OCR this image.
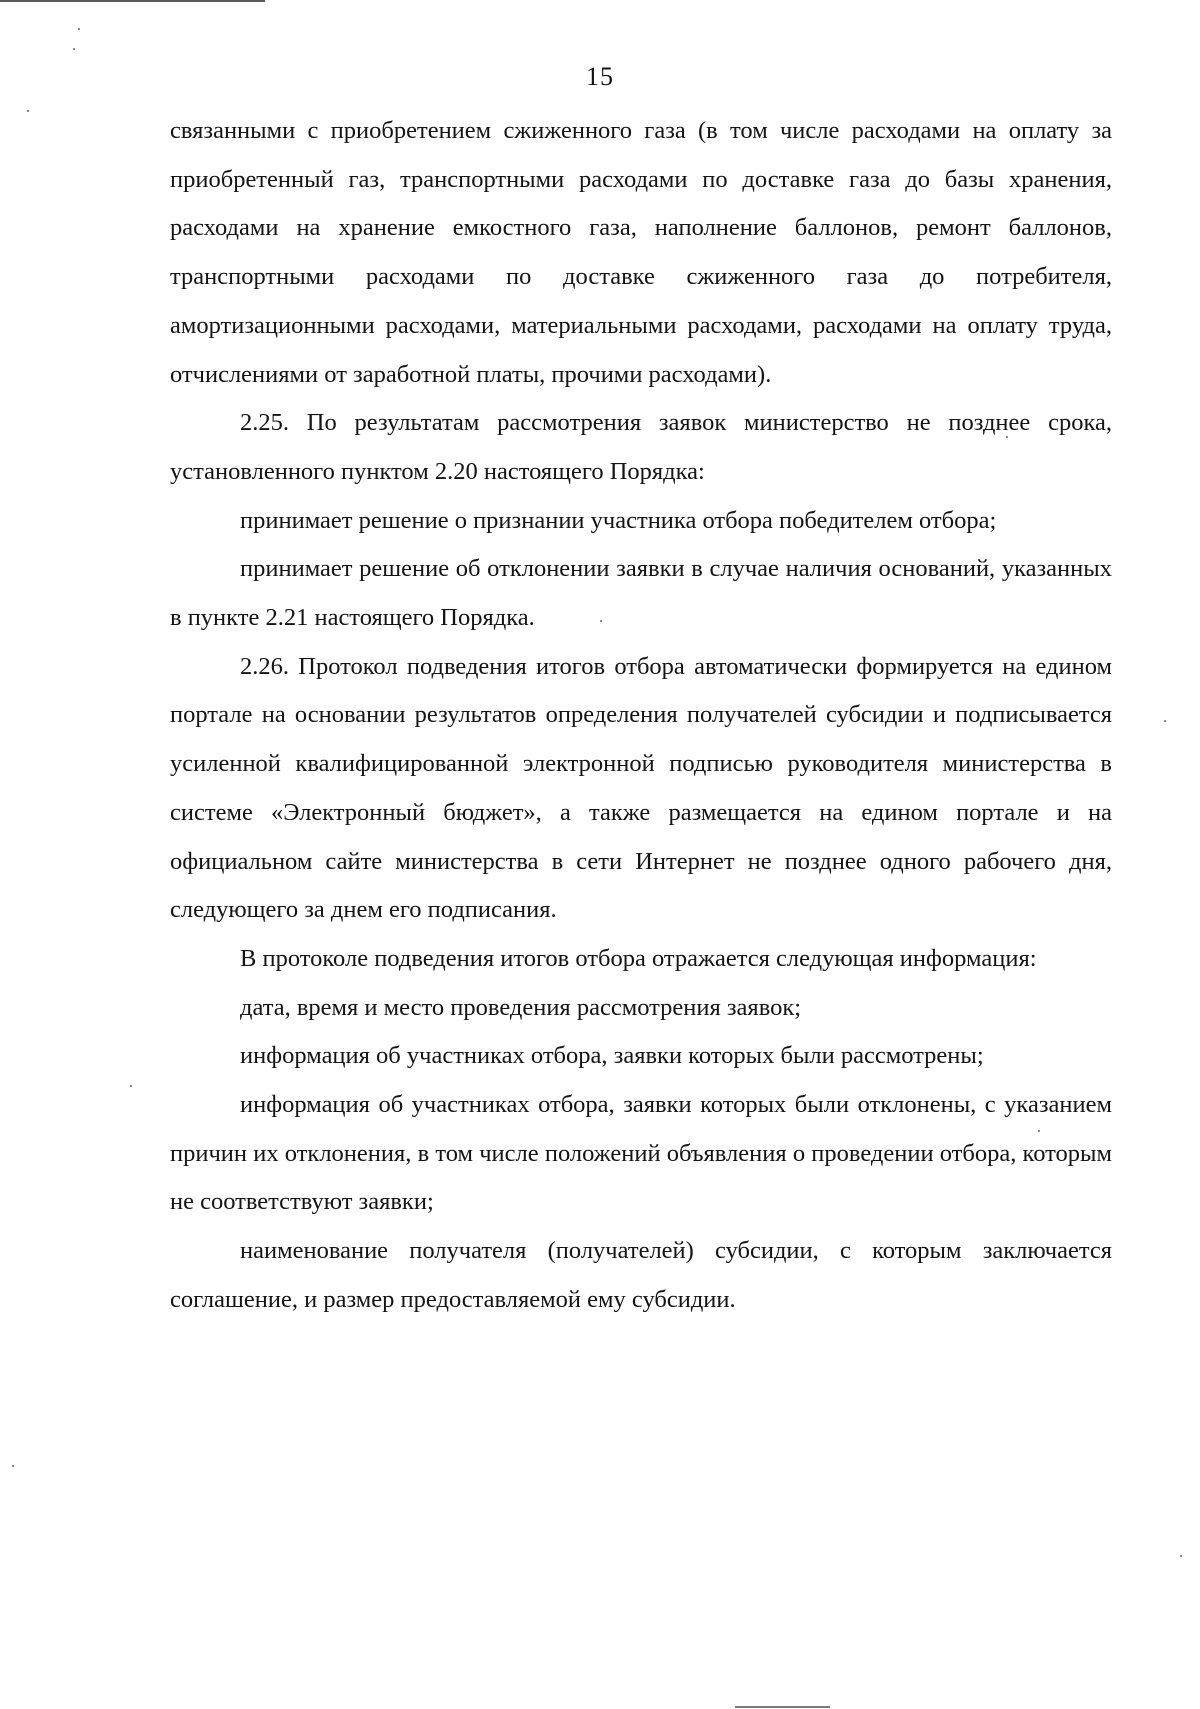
15

связанными с приобретением сжиженного газа (в том числе расходами на оплату за приобретенный газ, транспортными расходами по доставке газа до базы хранения, расходами на хранение емкостного газа, наполнение баллонов, ремонт баллонов, транспортными расходами по доставке сжиженного газа до потребителя, амортизационными расходами, материальными расходами, расходами на оплату труда, отчислениями от заработной платы, прочими расходами).

2.25. По результатам рассмотрения заявок министерство не позднее срока, установленного пунктом 2.20 настоящего Порядка:

принимает решение о признании участника отбора победителем отбора;

принимает решение об отклонении заявки в случае наличия оснований, указанных в пункте 2.21 настоящего Порядка.

2.26. Протокол подведения итогов отбора автоматически формируется на едином портале на основании результатов определения получателей субсидии и подписывается усиленной квалифицированной электронной подписью руководителя министерства в системе «Электронный бюджет», а также размещается на едином портале и на официальном сайте министерства в сети Интернет не позднее одного рабочего дня, следующего за днем его подписания.

В протоколе подведения итогов отбора отражается следующая информация:

дата, время и место проведения рассмотрения заявок;

информация об участниках отбора, заявки которых были рассмотрены;

информация об участниках отбора, заявки которых были отклонены, с указанием причин их отклонения, в том числе положений объявления о проведении отбора, которым не соответствуют заявки;

наименование получателя (получателей) субсидии, с которым заключается соглашение, и размер предоставляемой ему субсидии.
